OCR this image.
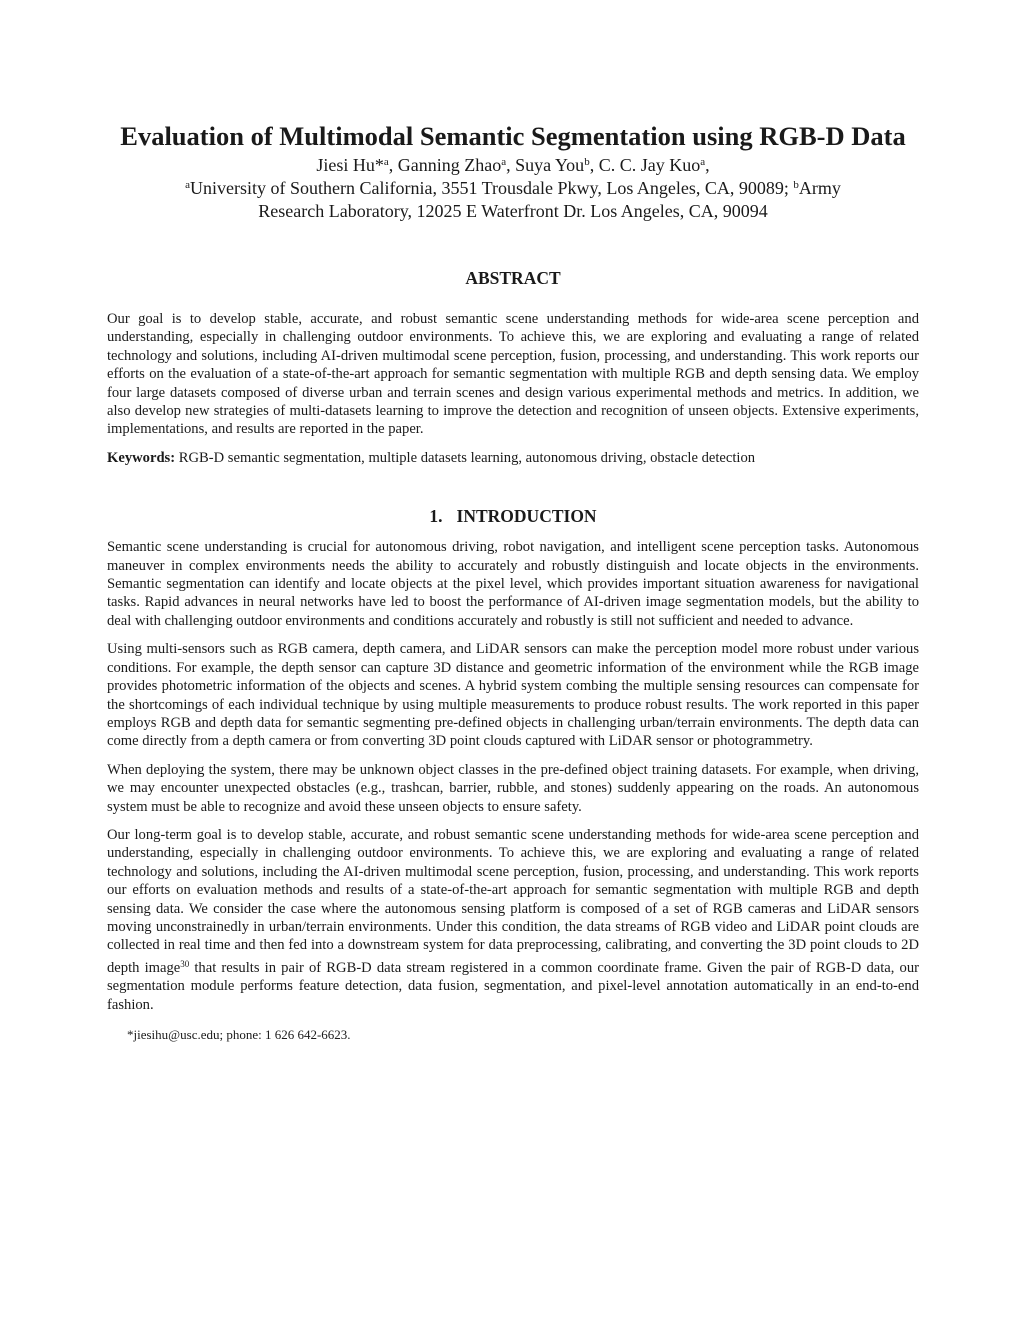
Evaluation of Multimodal Semantic Segmentation using RGB-D Data

Jiesi Hu*$^a$, Ganning Zhao$^a$, Suya You$^b$, C. C. Jay Kuo$^a$,

$^a$University of Southern California, 3551 Trousdale Pkwy, Los Angeles, CA, 90089; $^b$Army

Research Laboratory, 12025 E Waterfront Dr. Los Angeles, CA, 90094

ABSTRACT

Our goal is to develop stable, accurate, and robust semantic scene understanding methods for wide-area scene perception and understanding, especially in challenging outdoor environments. To achieve this, we are exploring and evaluating a range of related technology and solutions, including AI-driven multimodal scene perception, fusion, processing, and understanding. This work reports our efforts on the evaluation of a state-of-the-art approach for semantic segmentation with multiple RGB and depth sensing data. We employ four large datasets composed of diverse urban and terrain scenes and design various experimental methods and metrics. In addition, we also develop new strategies of multi-datasets learning to improve the detection and recognition of unseen objects. Extensive experiments, implementations, and results are reported in the paper.

Keywords: RGB-D semantic segmentation, multiple datasets learning, autonomous driving, obstacle detection

1. INTRODUCTION

Semantic scene understanding is crucial for autonomous driving, robot navigation, and intelligent scene perception tasks. Autonomous maneuver in complex environments needs the ability to accurately and robustly distinguish and locate objects in the environments. Semantic segmentation can identify and locate objects at the pixel level, which provides important situation awareness for navigational tasks. Rapid advances in neural networks have led to boost the performance of AI-driven image segmentation models, but the ability to deal with challenging outdoor environments and conditions accurately and robustly is still not sufficient and needed to advance.

Using multi-sensors such as RGB camera, depth camera, and LiDAR sensors can make the perception model more robust under various conditions. For example, the depth sensor can capture 3D distance and geometric information of the environment while the RGB image provides photometric information of the objects and scenes. A hybrid system combing the multiple sensing resources can compensate for the shortcomings of each individual technique by using multiple measurements to produce robust results. The work reported in this paper employs RGB and depth data for semantic segmenting pre-defined objects in challenging urban/terrain environments. The depth data can come directly from a depth camera or from converting 3D point clouds captured with LiDAR sensor or photogrammetry.

When deploying the system, there may be unknown object classes in the pre-defined object training datasets. For example, when driving, we may encounter unexpected obstacles (e.g., trashcan, barrier, rubble, and stones) suddenly appearing on the roads. An autonomous system must be able to recognize and avoid these unseen objects to ensure safety.

Our long-term goal is to develop stable, accurate, and robust semantic scene understanding methods for wide-area scene perception and understanding, especially in challenging outdoor environments. To achieve this, we are exploring and evaluating a range of related technology and solutions, including the AI-driven multimodal scene perception, fusion, processing, and understanding. This work reports our efforts on evaluation methods and results of a state-of-the-art approach for semantic segmentation with multiple RGB and depth sensing data. We consider the case where the autonomous sensing platform is composed of a set of RGB cameras and LiDAR sensors moving unconstrainedly in urban/terrain environments. Under this condition, the data streams of RGB video and LiDAR point clouds are collected in real time and then fed into a downstream system for data preprocessing, calibrating, and converting the 3D point clouds to 2D depth image$^{30}$ that results in pair of RGB-D data stream registered in a common coordinate frame. Given the pair of RGB-D data, our segmentation module performs feature detection, data fusion, segmentation, and pixel-level annotation automatically in an end-to-end fashion.

*jiesihu@usc.edu; phone: 1 626 642-6623.
